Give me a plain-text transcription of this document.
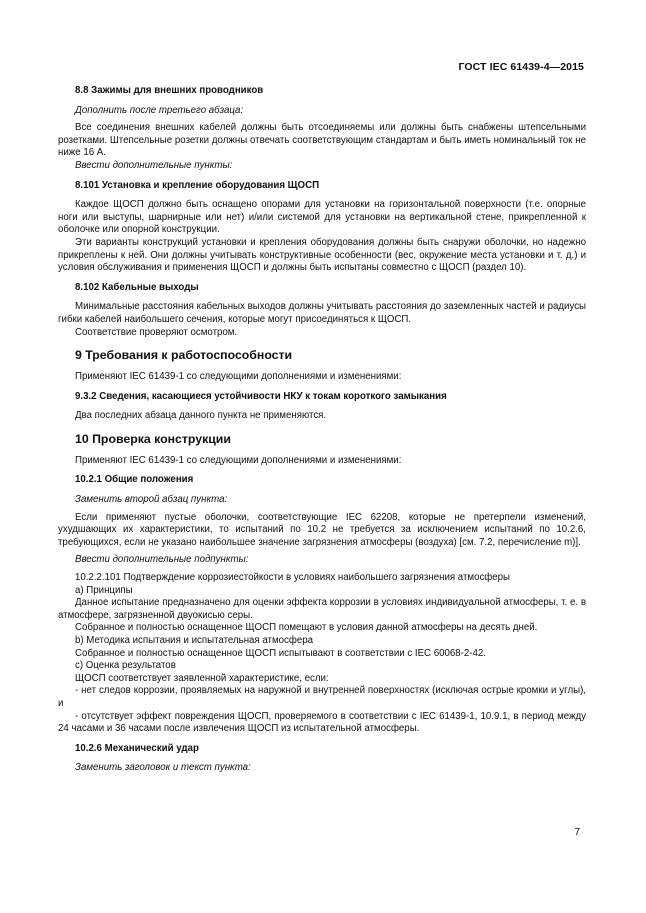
ГОСТ IEC 61439-4—2015

8.8 Зажимы для внешних проводников

Дополнить после третьего абзаца:

Все соединения внешних кабелей должны быть отсоединяемы или должны быть снабжены штепсельными розетками. Штепсельные розетки должны отвечать соответствующим стандартам и быть иметь номинальный ток не ниже 16 А.

Ввести дополнительные пункты:

8.101 Установка и крепление оборудования ЩОСП

Каждое ЩОСП должно быть оснащено опорами для установки на горизонтальной поверхности (т.е. опорные ноги или выступы, шарнирные или нет) и/или системой для установки на вертикальной стене, прикрепленной к оболочке или опорной конструкции.

Эти варианты конструкций установки и крепления оборудования должны быть снаружи оболочки, но надежно прикреплены к ней. Они должны учитывать конструктивные особенности (вес, окружение места установки и т. д.) и условия обслуживания и применения ЩОСП и должны быть испытаны совместно с ЩОСП (раздел 10).

8.102 Кабельные выходы

Минимальные расстояния кабельных выходов должны учитывать расстояния до заземленных частей и радиусы гибки кабелей наибольшего сечения, которые могут присоединяться к ЩОСП.

Соответствие проверяют осмотром.

9 Требования к работоспособности

Применяют IEC 61439-1 со следующими дополнениями и изменениями:

9.3.2 Сведения, касающиеся устойчивости НКУ к токам короткого замыкания

Два последних абзаца данного пункта не применяются.

10 Проверка конструкции

Применяют IEC 61439-1 со следующими дополнениями и изменениями:

10.2.1 Общие положения

Заменить второй абзац пункта:

Если применяют пустые оболочки, соответствующие IEC 62208, которые не претерпели изменений, ухудшающих их характеристики, то испытаний по 10.2 не требуется за исключением испытаний по 10.2.6, требующихся, если не указано наибольшее значение загрязнения атмосферы (воздуха) [см. 7.2, перечисление m)].

Ввести дополнительные подпункты:

10.2.2.101 Подтверждение коррозиестойкости в условиях наибольшего загрязнения атмосферы

а) Принципы

Данное испытание предназначено для оценки эффекта коррозии в условиях индивидуальной атмосферы, т. е. в атмосфере, загрязненной двуокисью серы.

Собранное и полностью оснащенное ЩОСП помещают в условия данной атмосферы на десять дней.

b) Методика испытания и испытательная атмосфера

Собранное и полностью оснащенное ЩОСП испытывают в соответствии с IEC 60068-2-42.

с) Оценка результатов

ЩОСП соответствует заявленной характеристике, если:

- нет следов коррозии, проявляемых на наружной и внутренней поверхностях (исключая острые кромки и углы), и

- отсутствует эффект повреждения ЩОСП, проверяемого в соответствии с IEC 61439-1, 10.9.1, в период между 24 часами и 36 часами после извлечения ЩОСП из испытательной атмосферы.

10.2.6 Механический удар

Заменить заголовок и текст пункта:

7
